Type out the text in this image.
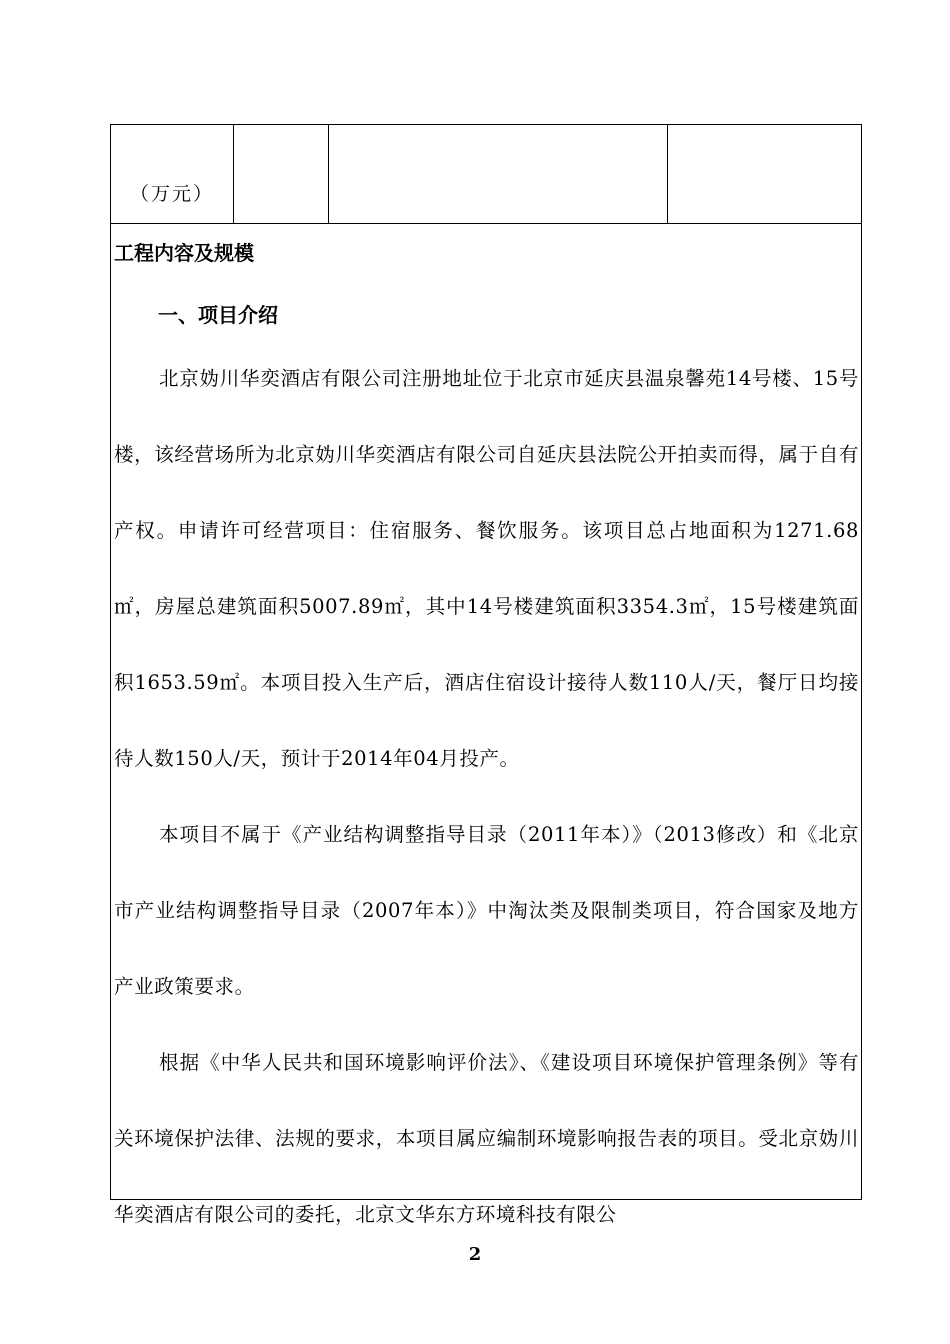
（万元）
工程内容及规模
一、项目介绍

北京妫川华奕酒店有限公司注册地址位于北京市延庆县温泉馨苑14号楼、15号楼，该经营场所为北京妫川华奕酒店有限公司自延庆县法院公开拍卖而得，属于自有产权。申请许可经营项目：住宿服务、餐饮服务。该项目总占地面积为1271.68㎡，房屋总建筑面积5007.89㎡，其中14号楼建筑面积3354.3㎡，15号楼建筑面积1653.59㎡。本项目投入生产后，酒店住宿设计接待人数110人/天，餐厅日均接待人数150人/天，预计于2014年04月投产。

本项目不属于《产业结构调整指导目录（2011年本）》（2013修改）和《北京市产业结构调整指导目录（2007年本）》中淘汰类及限制类项目，符合国家及地方产业政策要求。

根据《中华人民共和国环境影响评价法》、《建设项目环境保护管理条例》等有关环境保护法律、法规的要求，本项目属应编制环境影响报告表的项目。受北京妫川华奕酒店有限公司的委托，北京文华东方环境科技有限公

2
